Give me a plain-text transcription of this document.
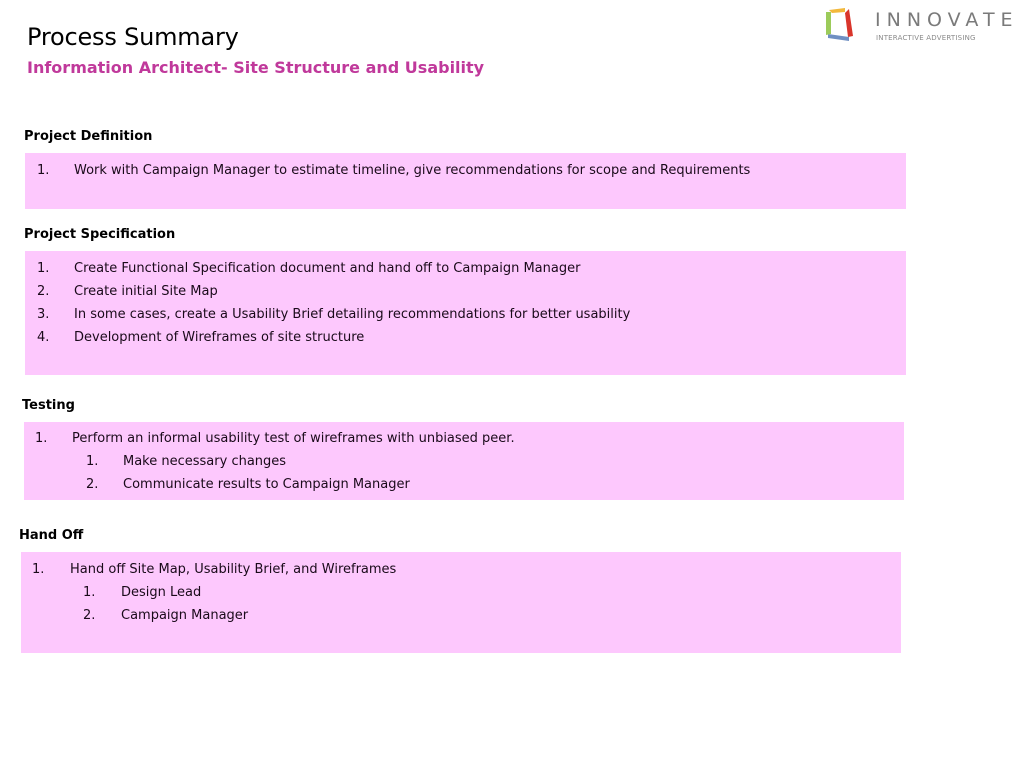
Process Summary
Information Architect- Site Structure and Usability
INNOVATE
INTERACTIVE ADVERTISING
Project Definition
1. Work with Campaign Manager to estimate timeline, give recommendations for scope and Requirements
Project Specification
1. Create Functional Specification document and hand off to Campaign Manager
2. Create initial Site Map
3. In some cases, create a Usability Brief detailing recommendations for better usability
4. Development of Wireframes of site structure
Testing
1. Perform an informal usability test of wireframes with unbiased peer.
1. Make necessary changes
2. Communicate results to Campaign Manager
Hand Off
1. Hand off Site Map, Usability Brief, and Wireframes
1. Design Lead
2. Campaign Manager
